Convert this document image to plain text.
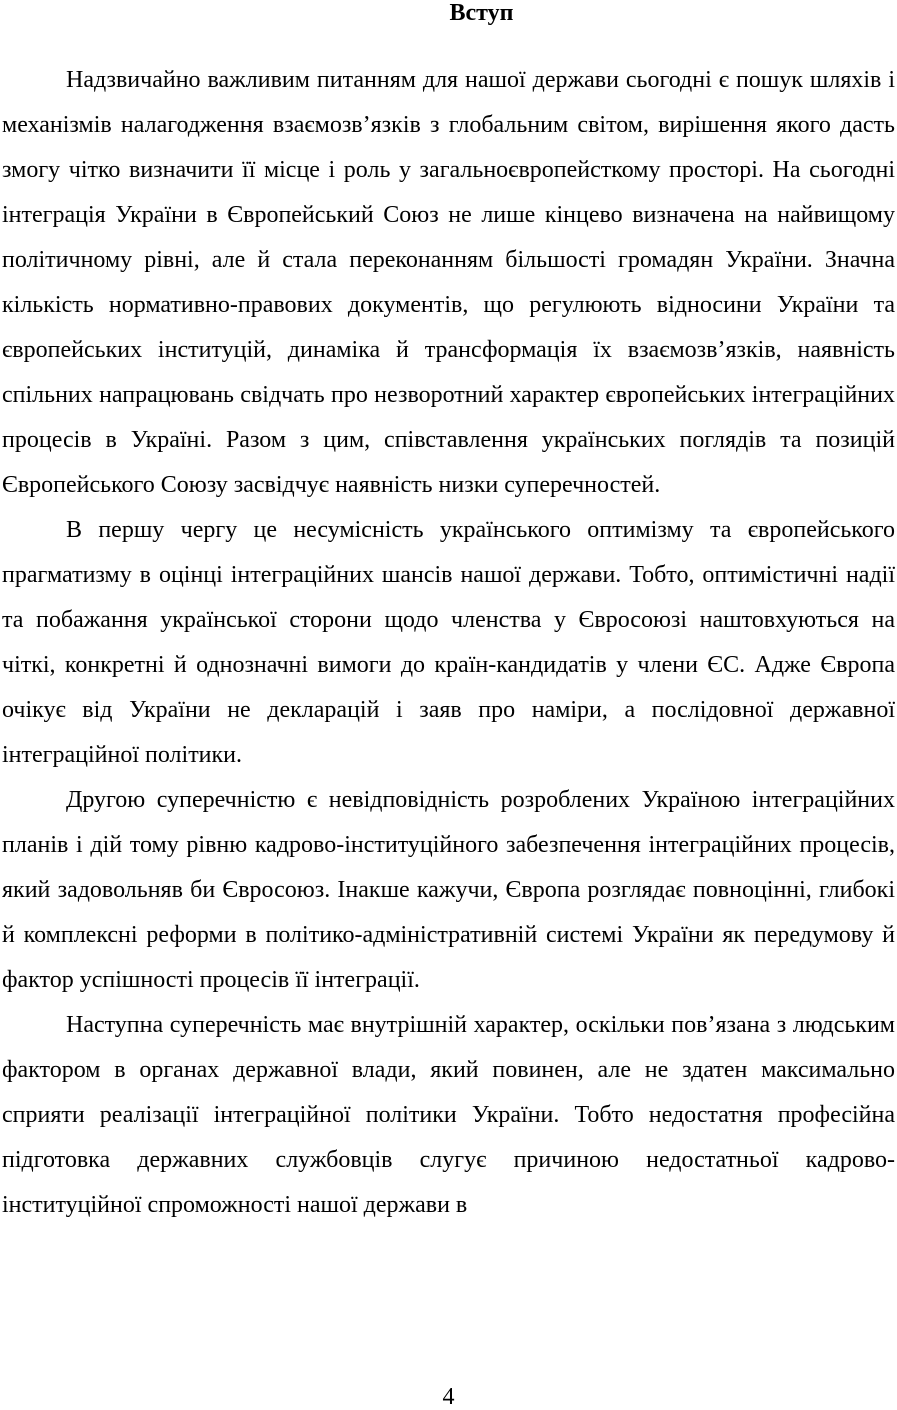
Вступ

Надзвичайно важливим питанням для нашої держави сьогодні є пошук шляхів і механізмів налагодження взаємозв’язків з глобальним світом, вирішення якого дасть змогу чітко визначити її місце і роль у загальноєвропейсткому просторі. На сьогодні інтеграція України в Європейський Союз не лише кінцево визначена на найвищому політичному рівні, але й стала переконанням більшості громадян України. Значна кількість нормативно-правових документів, що регулюють відносини України та європейських інституцій, динаміка й трансформація їх взаємозв’язків, наявність спільних напрацювань свідчать про незворотний характер європейських інтеграційних процесів в Україні. Разом з цим, співставлення українських поглядів та позицій Європейського Союзу засвідчує наявність низки суперечностей.

В першу чергу це несумісність українського оптимізму та європейського прагматизму в оцінці інтеграційних шансів нашої держави. Тобто, оптимістичні надії та побажання української сторони щодо членства у Євросоюзі наштовхуються на чіткі, конкретні й однозначні вимоги до країн-кандидатів у члени ЄС. Адже Європа очікує від України не декларацій і заяв про наміри, а послідовної державної інтеграційної політики.

Другою суперечністю є невідповідність розроблених Україною інтеграційних планів і дій тому рівню кадрово-інституційного забезпечення інтеграційних процесів, який задовольняв би Євросоюз. Інакше кажучи, Європа розглядає повноцінні, глибокі й комплексні реформи в політико-адміністративній системі України як передумову й фактор успішності процесів її інтеграції.

Наступна суперечність має внутрішній характер, оскільки пов’язана з людським фактором в органах державної влади, який повинен, але не здатен максимально сприяти реалізації інтеграційної політики України. Тобто недостатня професійна підготовка державних службовців слугує причиною недостатньої кадрово-інституційної спроможності нашої держави в

4
